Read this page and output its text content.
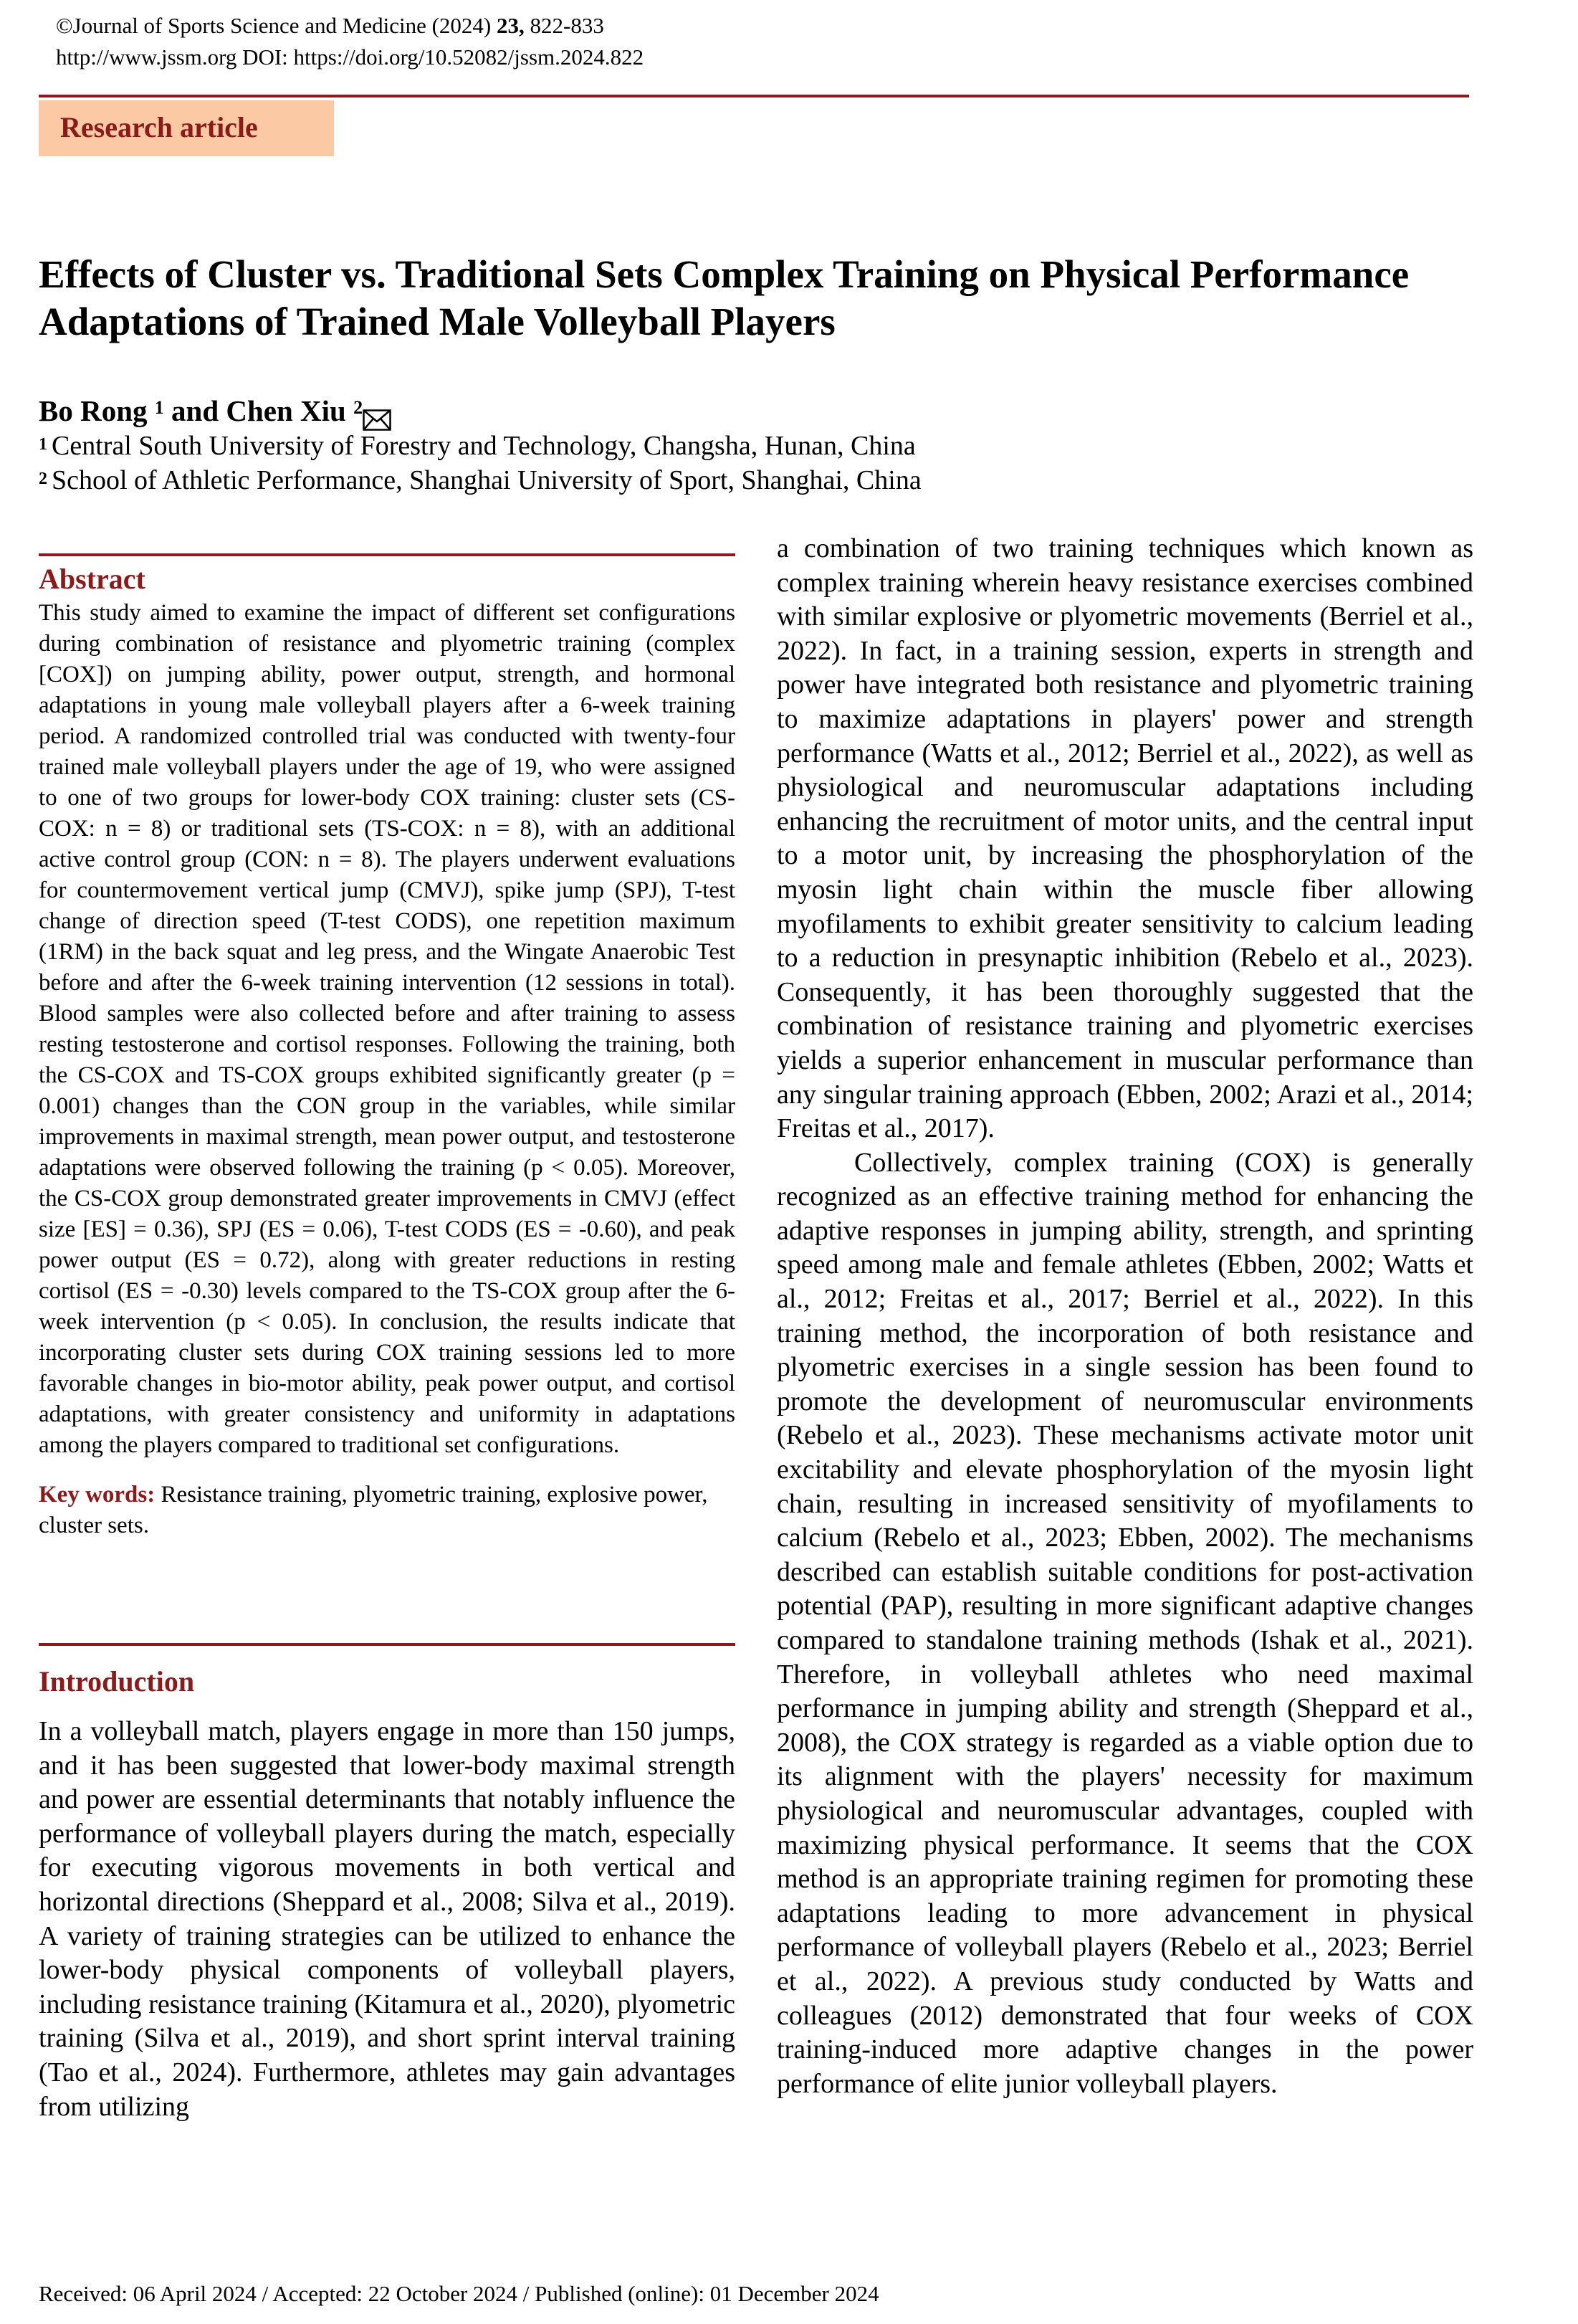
©Journal of Sports Science and Medicine (2024) 23, 822-833
http://www.jssm.org DOI: https://doi.org/10.52082/jssm.2024.822
Research article
Effects of Cluster vs. Traditional Sets Complex Training on Physical Performance Adaptations of Trained Male Volleyball Players
Bo Rong $^1$ and Chen Xiu $^2$
$^1$ Central South University of Forestry and Technology, Changsha, Hunan, China
$^2$ School of Athletic Performance, Shanghai University of Sport, Shanghai, China
Abstract

This study aimed to examine the impact of different set configurations during combination of resistance and plyometric training (complex [COX]) on jumping ability, power output, strength, and hormonal adaptations in young male volleyball players after a 6-week training period. A randomized controlled trial was conducted with twenty-four trained male volleyball players under the age of 19, who were assigned to one of two groups for lower-body COX training: cluster sets (CS-COX: n = 8) or traditional sets (TS-COX: n = 8), with an additional active control group (CON: n = 8). The players underwent evaluations for countermovement vertical jump (CMVJ), spike jump (SPJ), T-test change of direction speed (T-test CODS), one repetition maximum (1RM) in the back squat and leg press, and the Wingate Anaerobic Test before and after the 6-week training intervention (12 sessions in total). Blood samples were also collected before and after training to assess resting testosterone and cortisol responses. Following the training, both the CS-COX and TS-COX groups exhibited significantly greater (p = 0.001) changes than the CON group in the variables, while similar improvements in maximal strength, mean power output, and testosterone adaptations were observed following the training (p < 0.05). Moreover, the CS-COX group demonstrated greater improvements in CMVJ (effect size [ES] = 0.36), SPJ (ES = 0.06), T-test CODS (ES = -0.60), and peak power output (ES = 0.72), along with greater reductions in resting cortisol (ES = -0.30) levels compared to the TS-COX group after the 6-week intervention (p < 0.05). In conclusion, the results indicate that incorporating cluster sets during COX training sessions led to more favorable changes in bio-motor ability, peak power output, and cortisol adaptations, with greater consistency and uniformity in adaptations among the players compared to traditional set configurations.

Key words: Resistance training, plyometric training, explosive power, cluster sets.

Introduction

In a volleyball match, players engage in more than 150 jumps, and it has been suggested that lower-body maximal strength and power are essential determinants that notably influence the performance of volleyball players during the match, especially for executing vigorous movements in both vertical and horizontal directions (Sheppard et al., 2008; Silva et al., 2019). A variety of training strategies can be utilized to enhance the lower-body physical components of volleyball players, including resistance training (Kitamura et al., 2020), plyometric training (Silva et al., 2019), and short sprint interval training (Tao et al., 2024). Furthermore, athletes may gain advantages from utilizing

a combination of two training techniques which known as complex training wherein heavy resistance exercises combined with similar explosive or plyometric movements (Berriel et al., 2022). In fact, in a training session, experts in strength and power have integrated both resistance and plyometric training to maximize adaptations in players' power and strength performance (Watts et al., 2012; Berriel et al., 2022), as well as physiological and neuromuscular adaptations including enhancing the recruitment of motor units, and the central input to a motor unit, by increasing the phosphorylation of the myosin light chain within the muscle fiber allowing myofilaments to exhibit greater sensitivity to calcium leading to a reduction in presynaptic inhibition (Rebelo et al., 2023). Consequently, it has been thoroughly suggested that the combination of resistance training and plyometric exercises yields a superior enhancement in muscular performance than any singular training approach (Ebben, 2002; Arazi et al., 2014; Freitas et al., 2017).

Collectively, complex training (COX) is generally recognized as an effective training method for enhancing the adaptive responses in jumping ability, strength, and sprinting speed among male and female athletes (Ebben, 2002; Watts et al., 2012; Freitas et al., 2017; Berriel et al., 2022). In this training method, the incorporation of both resistance and plyometric exercises in a single session has been found to promote the development of neuromuscular environments (Rebelo et al., 2023). These mechanisms activate motor unit excitability and elevate phosphorylation of the myosin light chain, resulting in increased sensitivity of myofilaments to calcium (Rebelo et al., 2023; Ebben, 2002). The mechanisms described can establish suitable conditions for post-activation potential (PAP), resulting in more significant adaptive changes compared to standalone training methods (Ishak et al., 2021). Therefore, in volleyball athletes who need maximal performance in jumping ability and strength (Sheppard et al., 2008), the COX strategy is regarded as a viable option due to its alignment with the players' necessity for maximum physiological and neuromuscular advantages, coupled with maximizing physical performance. It seems that the COX method is an appropriate training regimen for promoting these adaptations leading to more advancement in physical performance of volleyball players (Rebelo et al., 2023; Berriel et al., 2022). A previous study conducted by Watts and colleagues (2012) demonstrated that four weeks of COX training-induced more adaptive changes in the power performance of elite junior volleyball players.

Received: 06 April 2024 / Accepted: 22 October 2024 / Published (online): 01 December 2024
